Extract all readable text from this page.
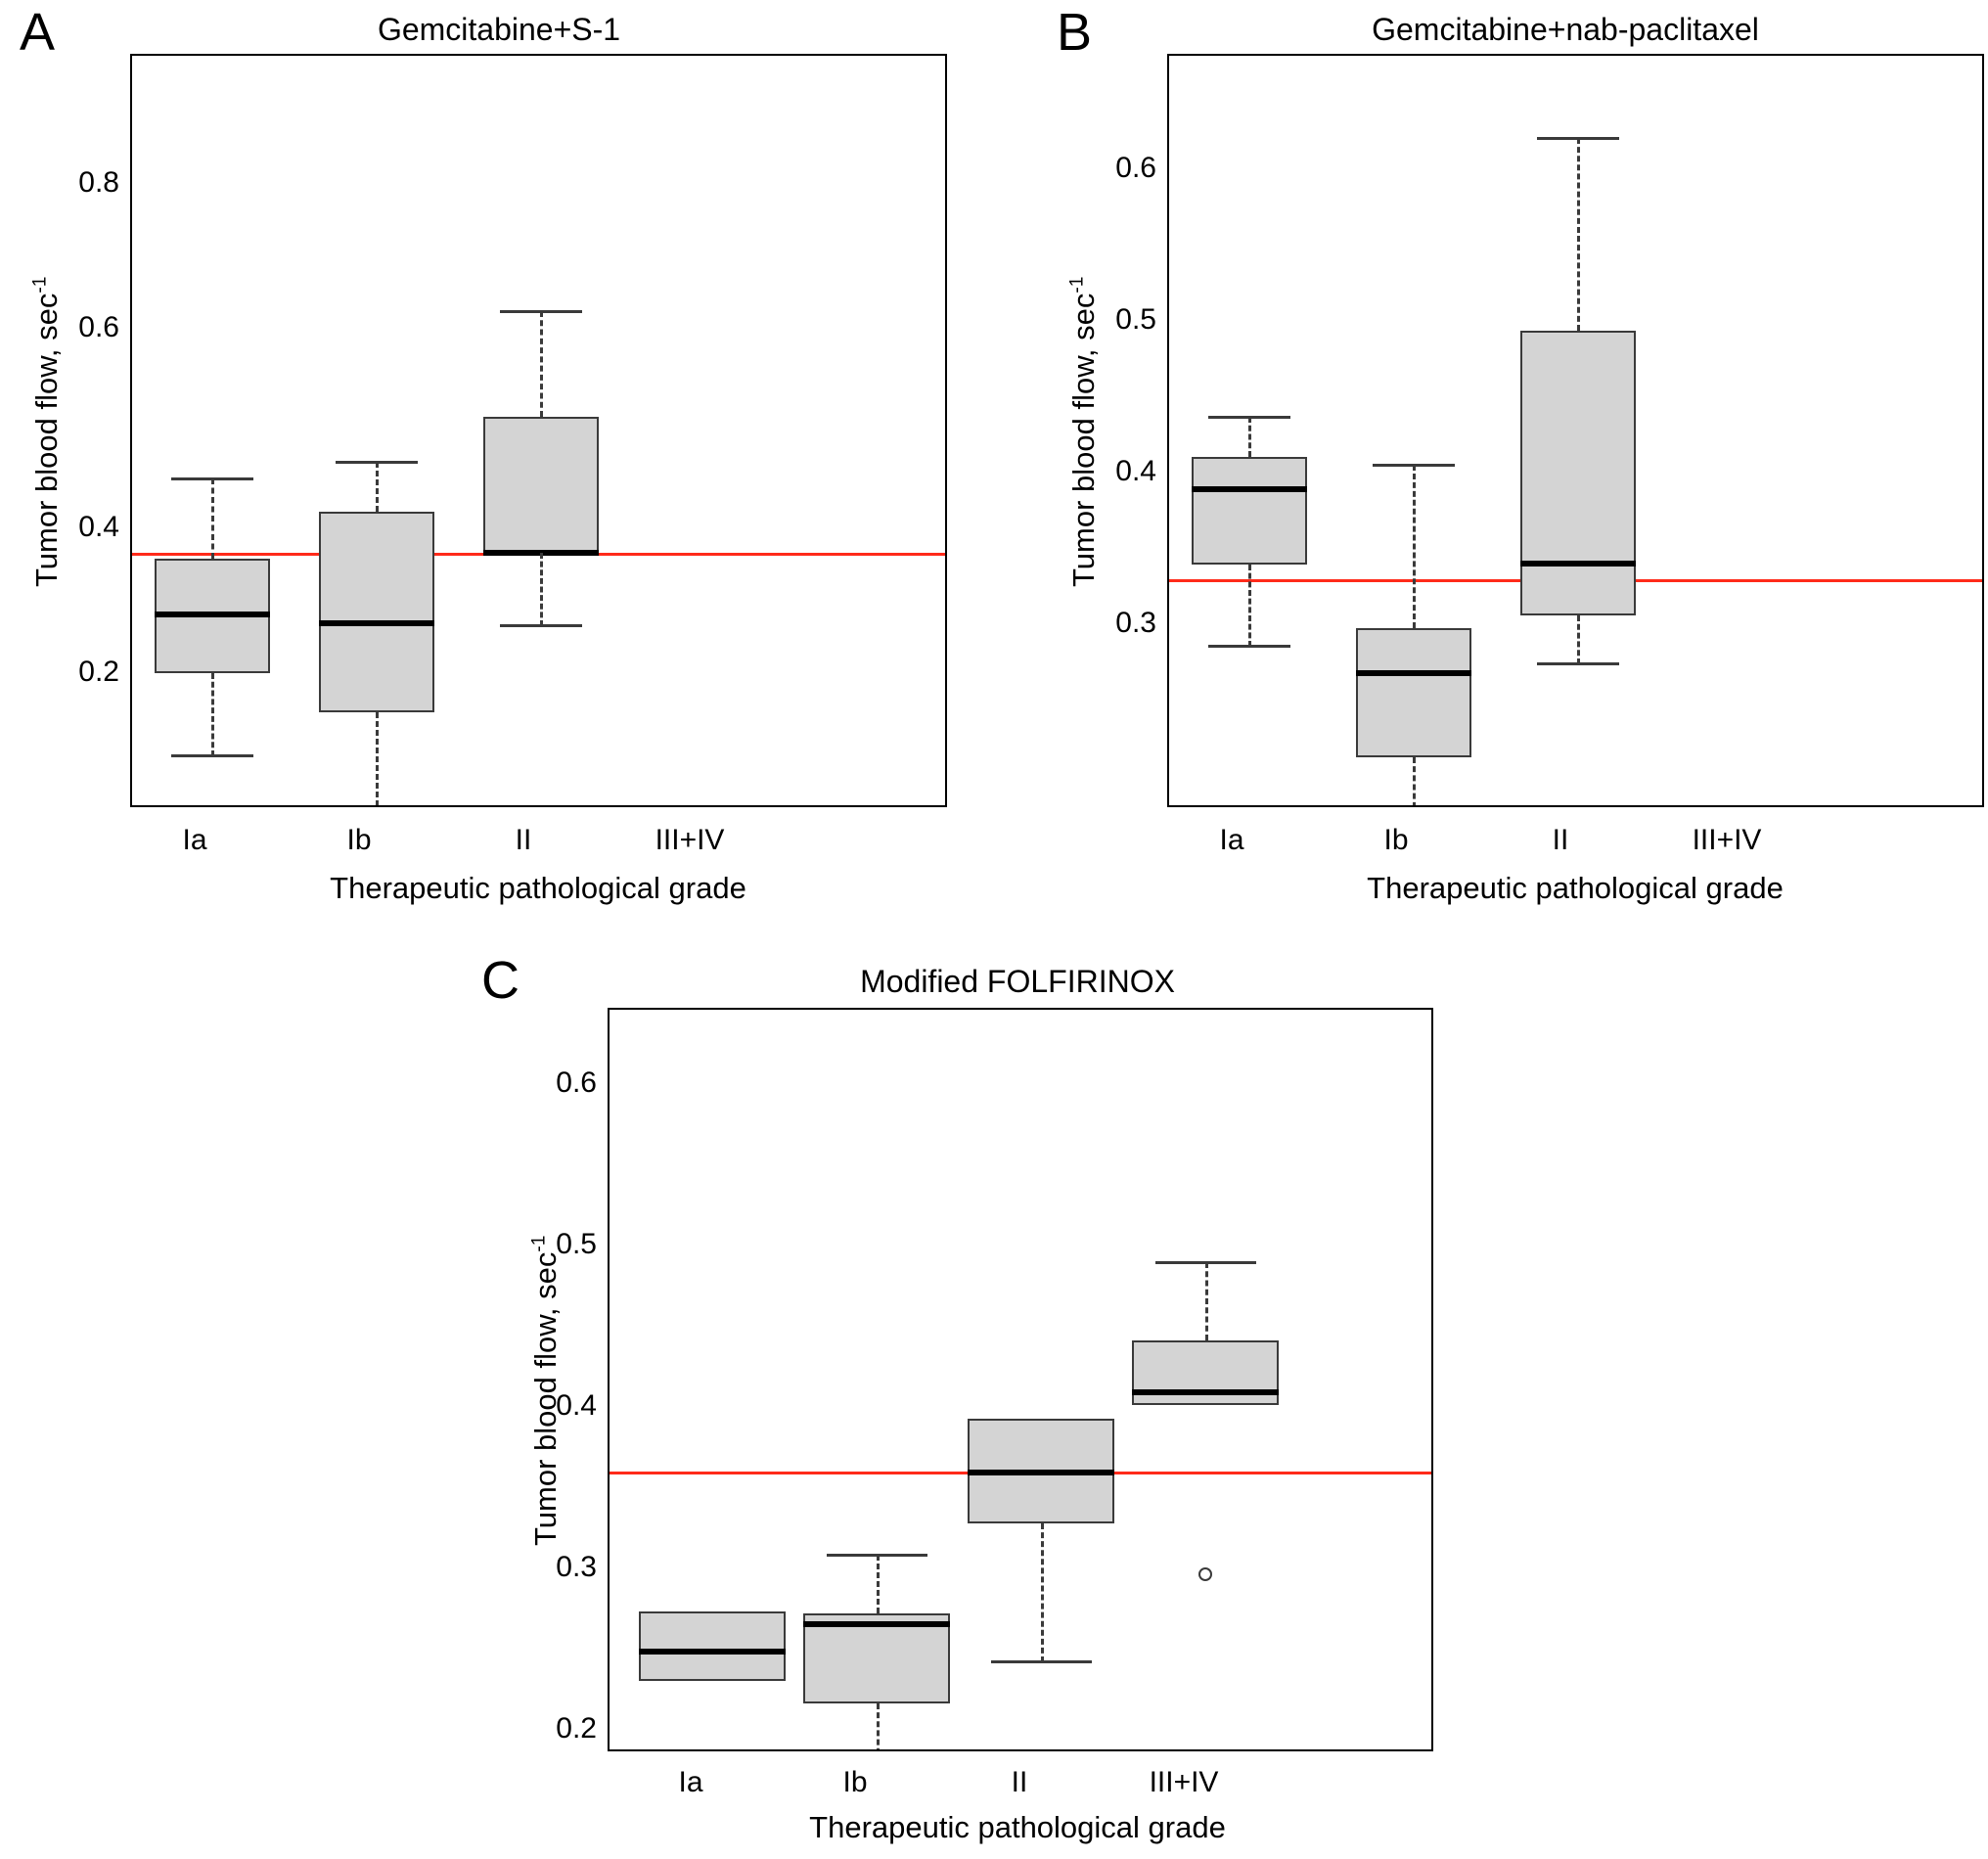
A	Gemcitabine+S-1
Tumor blood flow, $\sec^{-1}$
0.2
0.4
0.6
0.8
Ia	Ib	II	III+IV
Therapeutic pathological grade
B	Gemcitabine+nab-paclitaxel
Tumor blood flow, $\sec^{-1}$
0.3
0.4
0.5
0.6
Ia	Ib	II	III+IV
Therapeutic pathological grade
C	Modified FOLFIRINOX
Tumor blood flow, $\sec^{-1}$
0.2
0.3
0.4
0.5
0.6
Ia	Ib	II	III+IV
Therapeutic pathological grade
